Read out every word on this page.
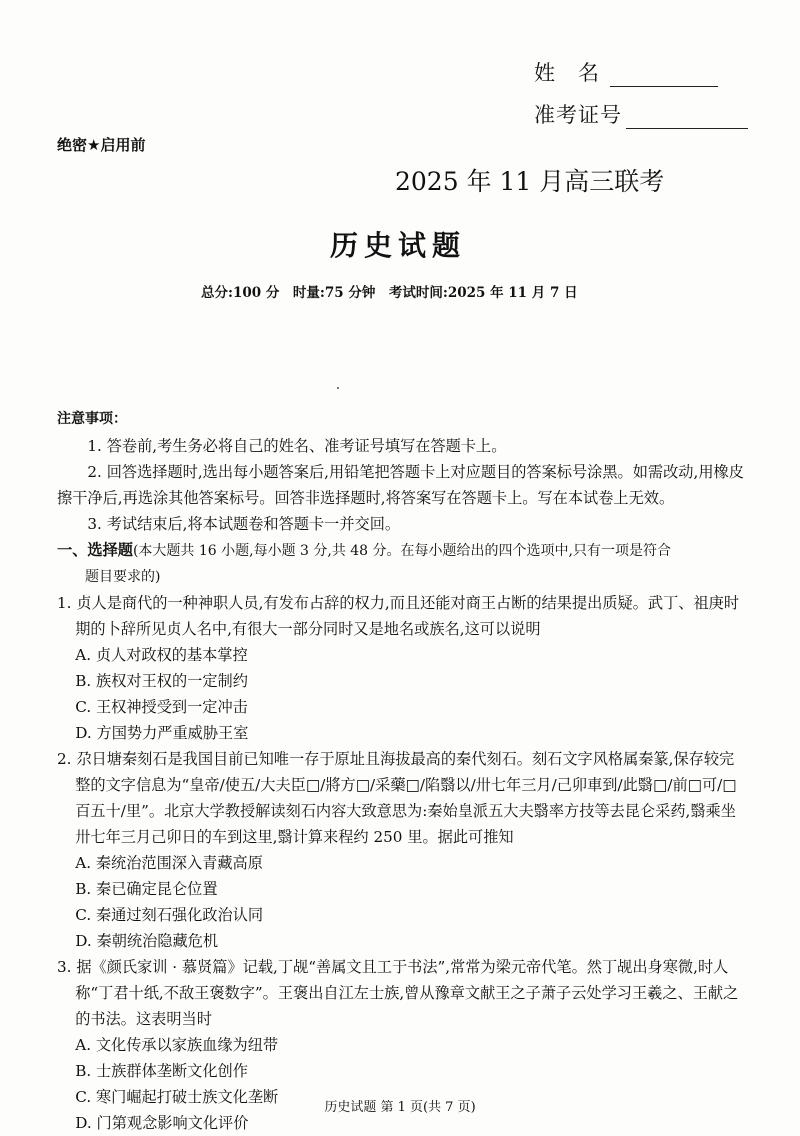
姓　名
准考证号
绝密★启用前
2025 年 11 月高三联考
历史试题
总分:100 分　时量:75 分钟　考试时间:2025 年 11 月 7 日

注意事项：

1. 答卷前,考生务必将自己的姓名、准考证号填写在答题卡上。

2. 回答选择题时,选出每小题答案后,用铅笔把答题卡上对应题目的答案标号涂黑。如需改动,用橡皮擦干净后,再选涂其他答案标号。回答非选择题时,将答案写在答题卡上。写在本试卷上无效。

3. 考试结束后,将本试题卷和答题卡一并交回。

一、选择题(本大题共 16 小题,每小题 3 分,共 48 分。在每小题给出的四个选项中,只有一项是符合

题目要求的)

1. 贞人是商代的一种神职人员,有发布占辞的权力,而且还能对商王占断的结果提出质疑。武丁、祖庚时期的卜辞所见贞人名中,有很大一部分同时又是地名或族名,这可以说明

A. 贞人对政权的基本掌控
B. 族权对王权的一定制约
C. 王权神授受到一定冲击
D. 方国势力严重威胁王室

2. 尕日塘秦刻石是我国目前已知唯一存于原址且海拔最高的秦代刻石。刻石文字风格属秦篆,保存较完整的文字信息为“皇帝/使五/大夫臣□/將方□/采藥□/陷翳以/卅七年三月/己卯車到/此翳□/前□可/□百五十/里”。北京大学教授解读刻石内容大致意思为:秦始皇派五大夫翳率方技等去昆仑采药,翳乘坐卅七年三月己卯日的车到这里,翳计算来程约 250 里。据此可推知

A. 秦统治范围深入青藏高原
B. 秦已确定昆仑位置
C. 秦通过刻石强化政治认同
D. 秦朝统治隐藏危机

3. 据《颜氏家训 · 慕贤篇》记载,丁觇“善属文且工于书法”,常常为梁元帝代笔。然丁觇出身寒微,时人称“丁君十纸,不敌王褒数字”。王褒出自江左士族,曾从豫章文献王之子萧子云处学习王羲之、王献之的书法。这表明当时

A. 文化传承以家族血缘为纽带
B. 士族群体垄断文化创作
C. 寒门崛起打破士族文化垄断
D. 门第观念影响文化评价
历史试题 第 1 页(共 7 页)
